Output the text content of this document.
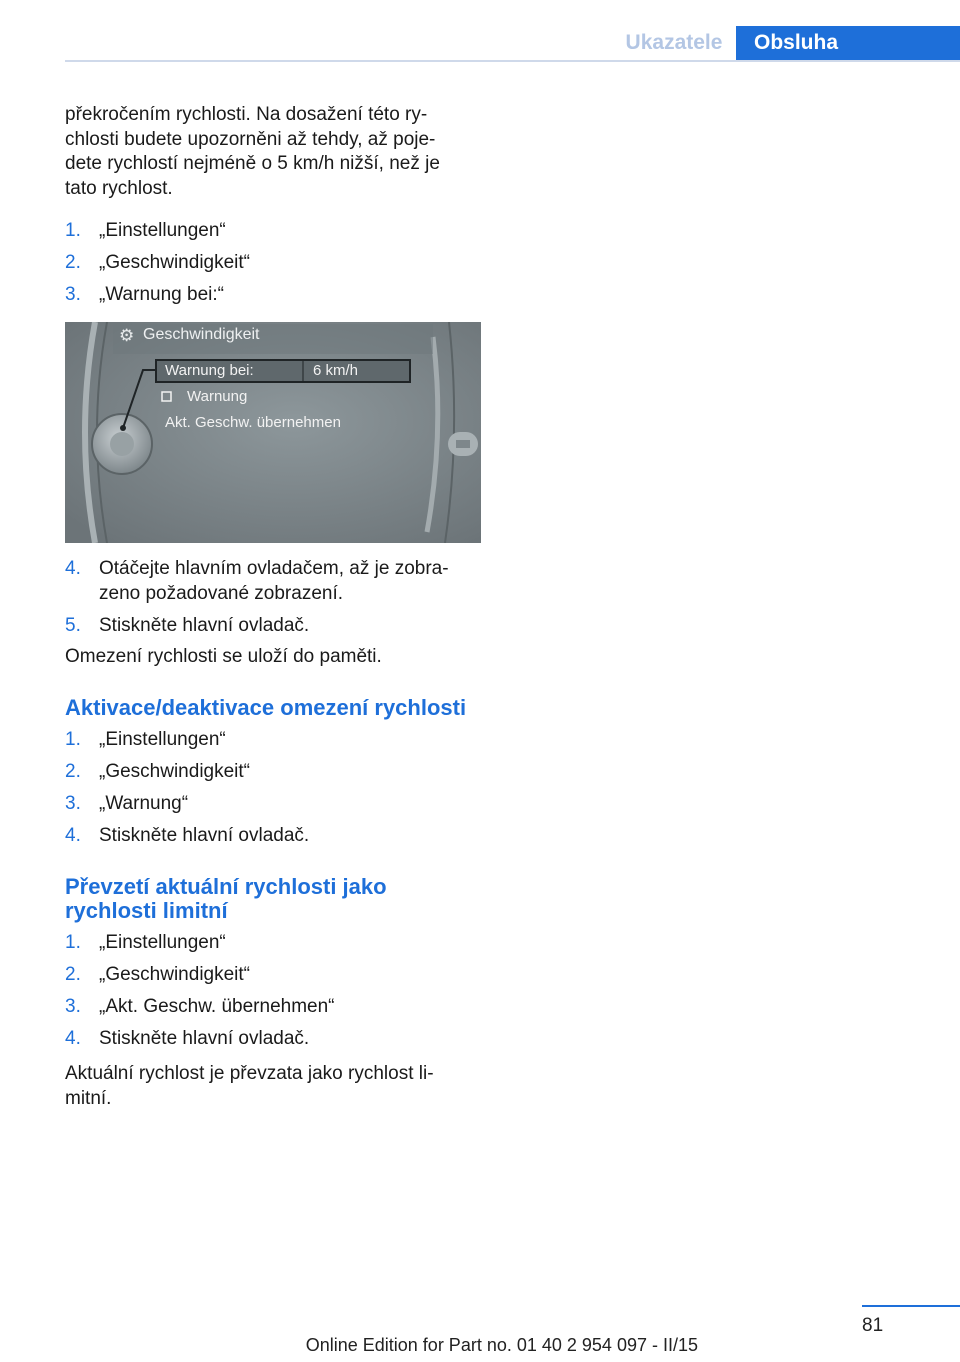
Ukazatele	Obsluha

překročením rychlosti. Na dosažení této ry-

chlosti budete upozorněni až tehdy, až poje-

dete rychlostí nejméně o 5 km/h nižší, než je

tato rychlost.

1. „Einstellungen“
2. „Geschwindigkeit“
3. „Warnung bei:“
⚙ Geschwindigkeit
Warnung bei:	6 km/h
Warnung
Akt. Geschw. übernehmen
4. Otáčejte hlavním ovladačem, až je zobra-
zeno požadované zobrazení.
5. Stiskněte hlavní ovladač.

Omezení rychlosti se uloží do paměti.

Aktivace/deaktivace omezení rychlosti

1. „Einstellungen“
2. „Geschwindigkeit“
3. „Warnung“
4. Stiskněte hlavní ovladač.

Převzetí aktuální rychlosti jako

rychlosti limitní

1. „Einstellungen“
2. „Geschwindigkeit“
3. „Akt. Geschw. übernehmen“
4. Stiskněte hlavní ovladač.

Aktuální rychlost je převzata jako rychlost li-

mitní.

81
Online Edition for Part no. 01 40 2 954 097 - II/15
